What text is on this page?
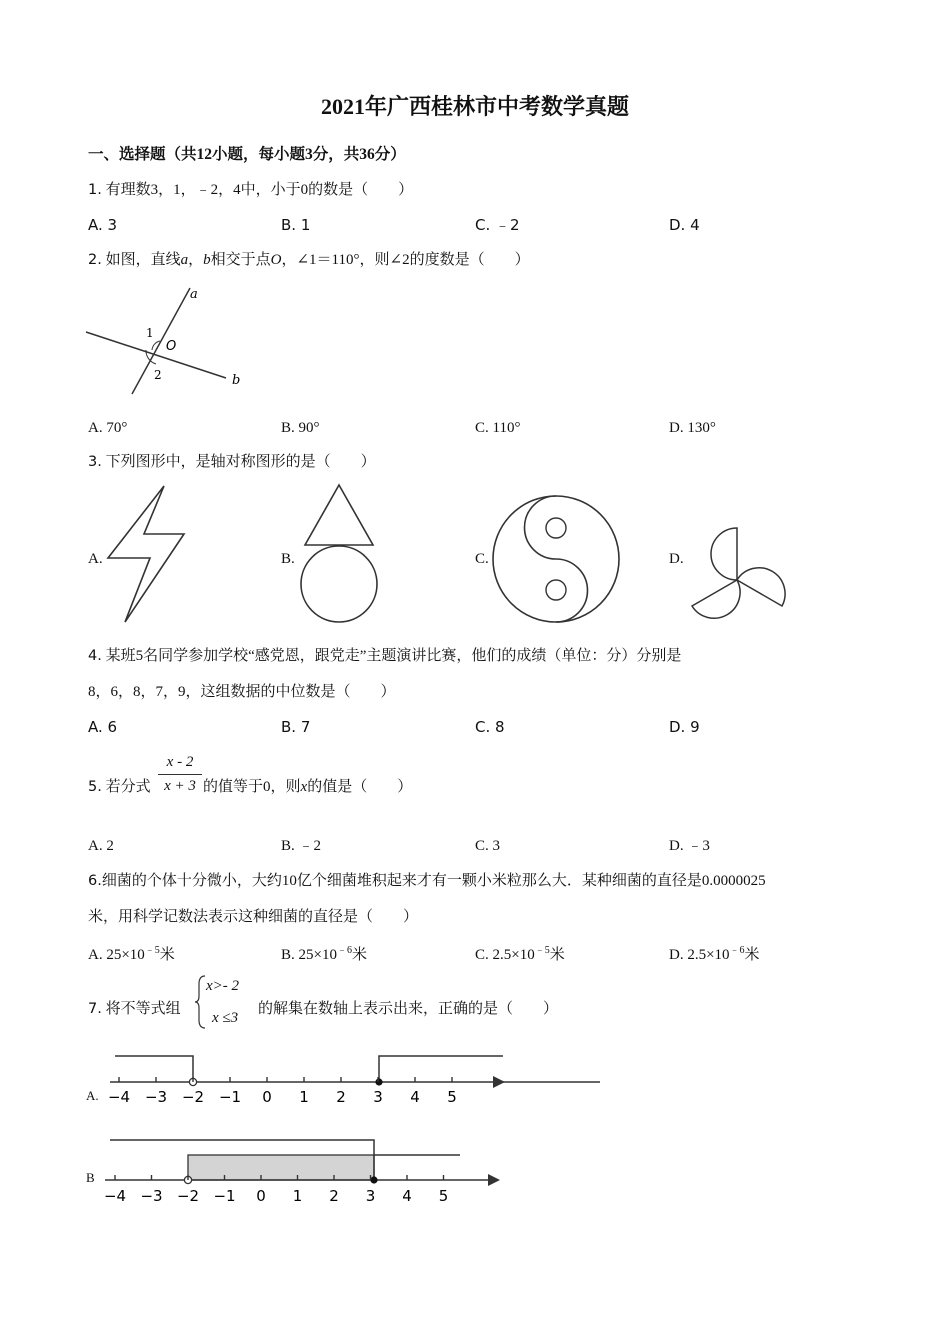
2021年广西桂林市中考数学真题
一、选择题（共12小题，每小题3分，共36分）
1. 有理数3，1，﹣2，4中，小于0的数是（　　）
A. 3	B. 1	C. ﹣2	D. 4
2. 如图，直线a，b相交于点O，∠1＝110°，则∠2的度数是（　　）
a
b
O
1
2
A. 70°	B. 90°	C. 110°	D. 130°
3. 下列图形中，是轴对称图形的是（　　）
A.	B.	C.	D.
4. 某班5名同学参加学校“感党恩，跟党走”主题演讲比赛，他们的成绩（单位：分）分别是
8，6，8，7，9，这组数据的中位数是（　　）
A. 6	B. 7	C. 8	D. 9
5. 若分式
x - 2
x + 3 的值等于0，则x的值是（　　）
A. 2	B. ﹣2	C. 3	D. ﹣3
6.细菌的个体十分微小，大约10亿个细菌堆积起来才有一颗小米粒那么大．某种细菌的直径是0.0000025
米，用科学记数法表示这种细菌的直径是（　　）
A. $25\times 10^{﹣5}$米	B. $25\times 10^{﹣6}$米	C. $2.5\times 10^{﹣5}$米	D. $2.5\times 10^{﹣6}$米
7. 将不等式组
x>- 2
x ≤3
的解集在数轴上表示出来，正确的是（　　）
A. −4 −3 −2 −1 0 1 2 3 4 5
B
−4 −3 −2 −1 0 1 2 3 4 5
